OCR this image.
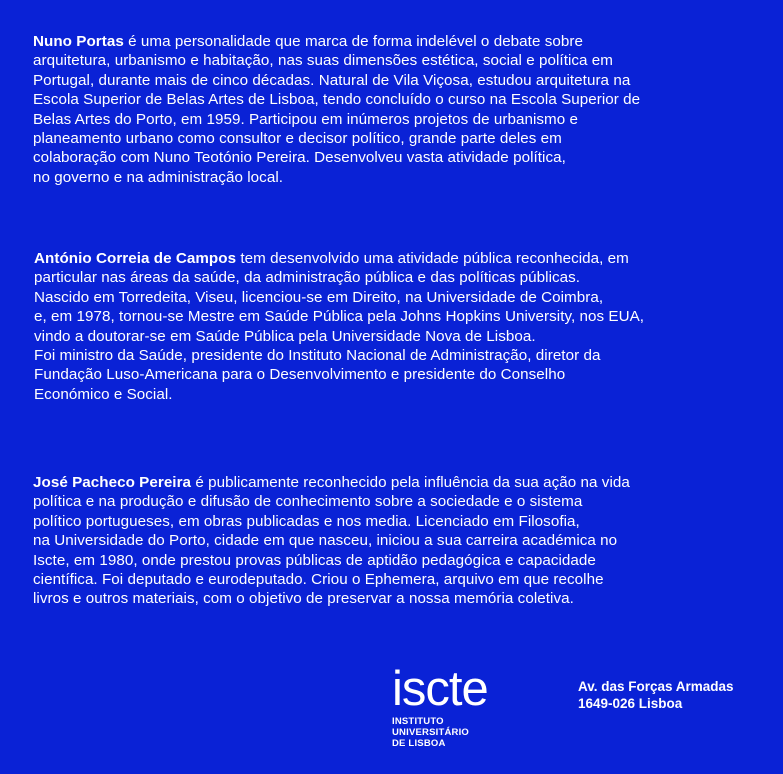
Nuno Portas é uma personalidade que marca de forma indelével o debate sobre
arquitetura, urbanismo e habitação, nas suas dimensões estética, social e política em
Portugal, durante mais de cinco décadas. Natural de Vila Viçosa, estudou arquitetura na
Escola Superior de Belas Artes de Lisboa, tendo concluído o curso na Escola Superior de
Belas Artes do Porto, em 1959. Participou em inúmeros projetos de urbanismo e
planeamento urbano como consultor e decisor político, grande parte deles em
colaboração com Nuno Teotónio Pereira. Desenvolveu vasta atividade política,
no governo e na administração local.

António Correia de Campos tem desenvolvido uma atividade pública reconhecida, em
particular nas áreas da saúde, da administração pública e das políticas públicas.
Nascido em Torredeita, Viseu, licenciou-se em Direito, na Universidade de Coimbra,
e, em 1978, tornou-se Mestre em Saúde Pública pela Johns Hopkins University, nos EUA,
vindo a doutorar-se em Saúde Pública pela Universidade Nova de Lisboa.
Foi ministro da Saúde, presidente do Instituto Nacional de Administração, diretor da
Fundação Luso-Americana para o Desenvolvimento e presidente do Conselho
Económico e Social.

José Pacheco Pereira é publicamente reconhecido pela influência da sua ação na vida
política e na produção e difusão de conhecimento sobre a sociedade e o sistema
político portugueses, em obras publicadas e nos media. Licenciado em Filosofia,
na Universidade do Porto, cidade em que nasceu, iniciou a sua carreira académica no
Iscte, em 1980, onde prestou provas públicas de aptidão pedagógica e capacidade
científica. Foi deputado e eurodeputado. Criou o Ephemera, arquivo em que recolhe
livros e outros materiais, com o objetivo de preservar a nossa memória coletiva.

iscte
INSTITUTO
UNIVERSITÁRIO
DE LISBOA
Av. das Forças Armadas
1649-026 Lisboa
